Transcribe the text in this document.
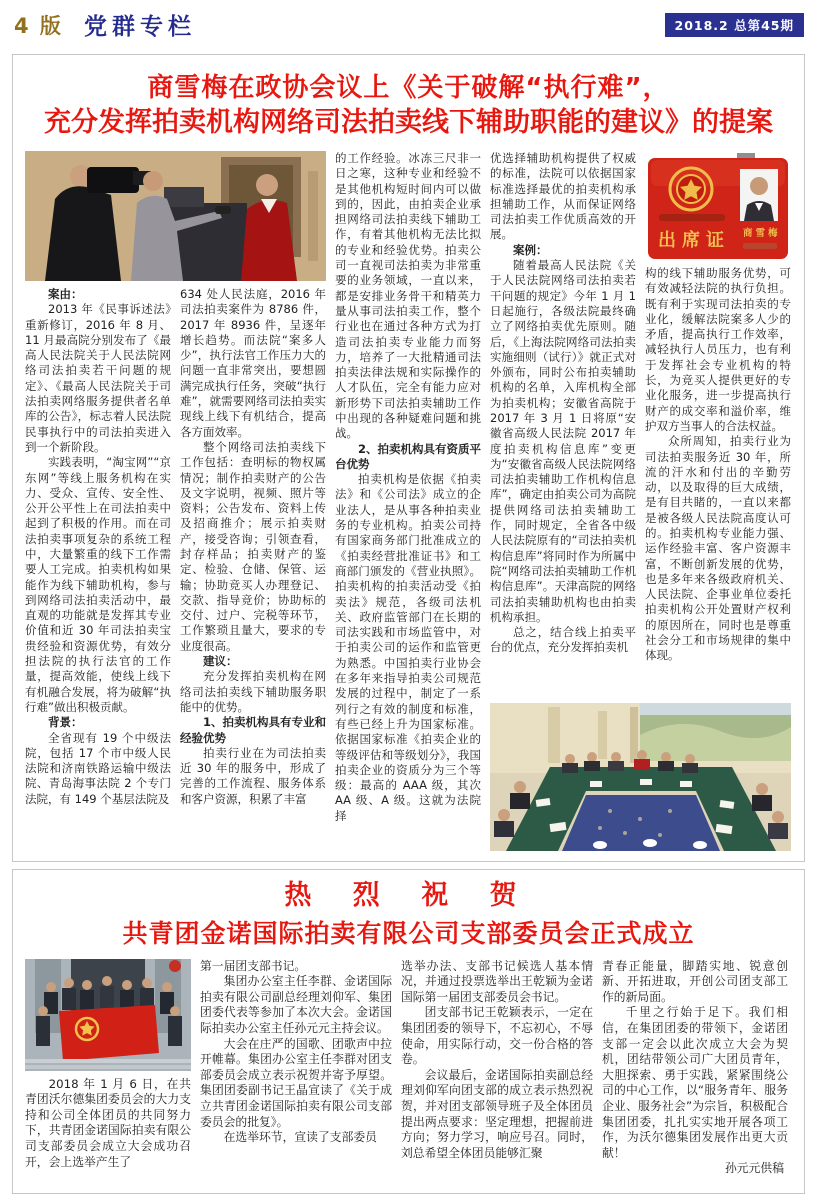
4 版 党群专栏	2018.2 总第45期
商雪梅在政协会议上《关于破解“执行难”，
充分发挥拍卖机构网络司法拍卖线下辅助职能的建议》的提案

案由：

2013 年《民事诉述法》重新修订，2016 年 8 月、11 月最高院分别发布了《最高人民法院关于人民法院网络司法拍卖若干问题的规定》、《最高人民法院关于司法拍卖网络服务提供者名单库的公告》，标志着人民法院民事执行中的司法拍卖进入到一个新阶段。

实践表明，“淘宝网”“京东网”等线上服务机构在实力、受众、宣传、安全性、公开公平性上在司法拍卖中起到了积极的作用。而在司法拍卖事项复杂的系统工程中，大量繁重的线下工作需要人工完成。拍卖机构如果能作为线下辅助机构，参与到网络司法拍卖活动中，最直观的功能就是发挥其专业价值和近 30 年司法拍卖宝贵经验和资源优势，有效分担法院的执行法官的工作量，提高效能，使线上线下有机融合发展，将为破解“执行难”做出积极贡献。

背景：

全省现有 19 个中级法院，包括 17 个市中级人民法院和济南铁路运输中级法院、青岛海事法院 2 个专门法院，有 149 个基层法院及

634 处人民法庭，2016 年司法拍卖案件为 8786 件，2017 年 8936 件，呈逐年增长趋势。而法院“案多人少”，执行法官工作压力大的问题一直非常突出，要想圆满完成执行任务，突破“执行难”，就需要网络司法拍卖实现线上线下有机结合，提高各方面效率。

整个网络司法拍卖线下工作包括：查明标的物权属情况；制作拍卖财产的公告及文字说明，视频、照片等资料；公告发布、资料上传及招商推介；展示拍卖财产，接受咨询；引领查看，封存样品；拍卖财产的鉴定、检验、仓储、保管、运输；协助竞买人办理登记、交款、指导竞价；协助标的交付、过户、完税等环节，工作繁琐且量大，要求的专业度很高。

建议：

充分发挥拍卖机构在网络司法拍卖线下辅助服务职能中的优势。

1、拍卖机构具有专业和经验优势

拍卖行业在为司法拍卖近 30 年的服务中，形成了完善的工作流程、服务体系和客户资源，积累了丰富

的工作经验。冰冻三尺非一日之寒，这种专业和经验不是其他机构短时间内可以做到的，因此，由拍卖企业承担网络司法拍卖线下辅助工作，有着其他机构无法比拟的专业和经验优势。拍卖公司一直视司法拍卖为非常重要的业务领域，一直以来，都是安排业务骨干和精英力量从事司法拍卖工作，整个行业也在通过各种方式为打造司法拍卖专业能力而努力，培养了一大批精通司法拍卖法律法规和实际操作的人才队伍，完全有能力应对新形势下司法拍卖辅助工作中出现的各种疑难问题和挑战。

2、拍卖机构具有资质平台优势

拍卖机构是依据《拍卖法》和《公司法》成立的企业法人，是从事各种拍卖业务的专业机构。拍卖公司持有国家商务部门批准成立的《拍卖经营批准证书》和工商部门颁发的《营业执照》。拍卖机构的拍卖活动受《拍卖法》规范，各级司法机关、政府监管部门在长期的司法实践和市场监管中，对于拍卖公司的运作和监管更为熟悉。中国拍卖行业协会在多年来指导拍卖公司规范发展的过程中，制定了一系列行之有效的制度和标准，有些已经上升为国家标准。依据国家标准《拍卖企业的等级评估和等级划分》，我国拍卖企业的资质分为三个等级：最高的 AAA 级，其次 AA 级、A 级。这就为法院择

优选择辅助机构提供了权威的标准，法院可以依据国家标准选择最优的拍卖机构承担辅助工作，从而保证网络司法拍卖工作优质高效的开展。

案例：

随着最高人民法院《关于人民法院网络司法拍卖若干问题的规定》今年 1 月 1 日起施行，各级法院最终确立了网络拍卖优先原则。随后，《上海法院网络司法拍卖实施细则（试行）》就正式对外颁布，同时公布拍卖辅助机构的名单，入库机构全部为拍卖机构；安徽省高院于 2017 年 3 月 1 日将原“安徽省高级人民法院 2017 年度拍卖机构信息库”变更为“安徽省高级人民法院网络司法拍卖辅助工作机构信息库”，确定由拍卖公司为高院提供网络司法拍卖辅助工作，同时规定，全省各中级人民法院原有的“司法拍卖机构信息库”将同时作为所属中院“网络司法拍卖辅助工作机构信息库”。天津高院的网络司法拍卖辅助机构也由拍卖机构承担。

总之，结合线上拍卖平台的优点，充分发挥拍卖机

出席证 商雪梅

构的线下辅助服务优势，可有效减轻法院的执行负担。既有利于实现司法拍卖的专业化，缓解法院案多人少的矛盾，提高执行工作效率，减轻执行人员压力，也有利于发挥社会专业机构的特长，为竞买人提供更好的专业化服务，进一步提高执行财产的成交率和溢价率，维护双方当事人的合法权益。

众所周知，拍卖行业为司法拍卖服务近 30 年，所流的汗水和付出的辛勤劳动，以及取得的巨大成绩，是有目共睹的，一直以来都是被各级人民法院高度认可的。拍卖机构专业能力强、运作经验丰富、客户资源丰富，不断创新发展的优势，也是多年来各级政府机关、人民法院、企事业单位委托拍卖机构公开处置财产权利的原因所在，同时也是尊重社会分工和市场规律的集中体现。

热 烈 祝 贺
共青团金诺国际拍卖有限公司支部委员会正式成立

2018 年 1 月 6 日，在共青团沃尔德集团委员会的大力支持和公司全体团员的共同努力下，共青团金诺国际拍卖有限公司支部委员会成立大会成功召开，会上选举产生了

第一届团支部书记。

集团办公室主任李群、金诺国际拍卖有限公司副总经理刘仰军、集团团委代表等参加了本次大会。金诺国际拍卖办公室主任孙元元主持会议。

大会在庄严的国歌、团歌声中拉开帷幕。集团办公室主任李群对团支部委员会成立表示祝贺并寄予厚望。集团团委副书记王晶宣读了《关于成立共青团金诺国际拍卖有限公司支部委员会的批复》。

在选举环节，宣读了支部委员

选举办法、支部书记候选人基本情况，并通过投票选举出王乾颖为金诺国际第一届团支部委员会书记。

团支部书记王乾颖表示，一定在集团团委的领导下，不忘初心，不辱使命，用实际行动，交一份合格的答卷。

会议最后，金诺国际拍卖副总经理刘仰军向团支部的成立表示热烈祝贺，并对团支部领导班子及全体团员提出两点要求：坚定理想，把握前进方向；努力学习，响应号召。同时，刘总希望全体团员能够汇聚

青春正能量，脚踏实地、锐意创新、开拓进取，开创公司团支部工作的新局面。

千里之行始于足下。我们相信，在集团团委的带领下，金诺团支部一定会以此次成立大会为契机，团结带领公司广大团员青年，大胆探索、勇于实践，紧紧围绕公司的中心工作，以“服务青年、服务企业、服务社会”为宗旨，积极配合集团团委，扎扎实实地开展各项工作，为沃尔德集团发展作出更大贡献！

孙元元供稿
